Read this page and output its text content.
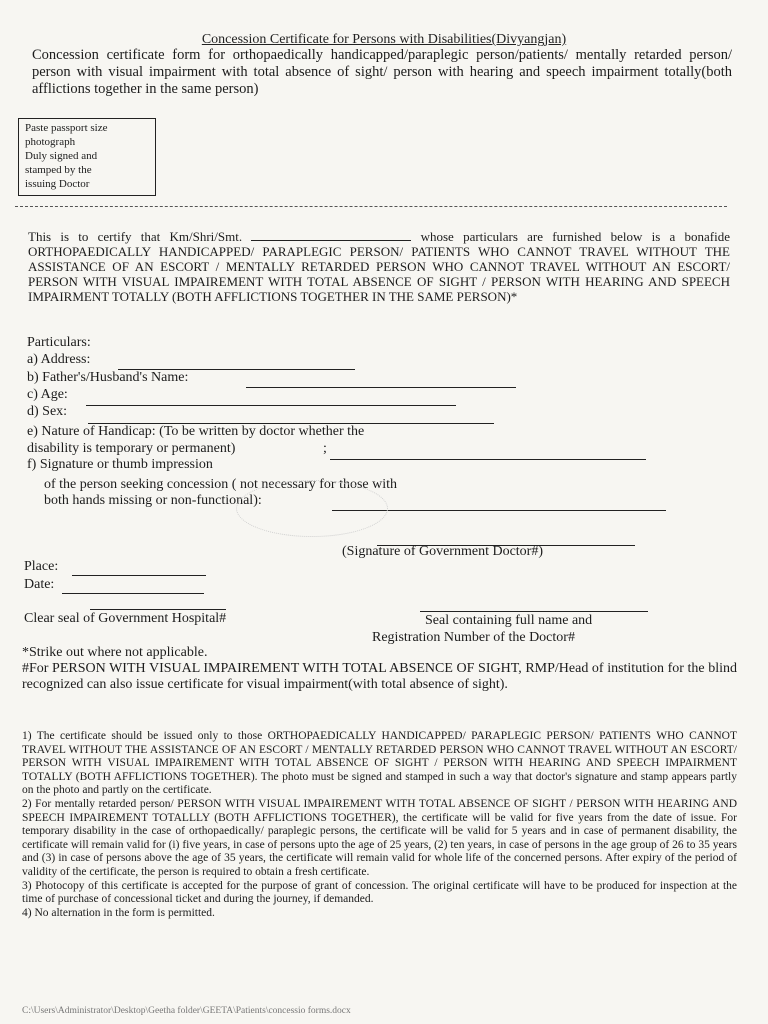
Concession Certificate for Persons with Disabilities(Divyangjan)
Concession certificate form for orthopaedically handicapped/paraplegic person/patients/ mentally retarded person/ person with visual impairment with total absence of sight/ person with hearing and speech impairment totally(both afflictions together in the same person)
Paste passport size
photograph
Duly signed and
stamped by the
issuing Doctor
This is to certify that Km/Shri/Smt.	whose particulars are furnished below is a bonafide ORTHOPAEDICALLY HANDICAPPED/ PARAPLEGIC PERSON/ PATIENTS WHO CANNOT TRAVEL WITHOUT THE ASSISTANCE OF AN ESCORT / MENTALLY RETARDED PERSON WHO CANNOT TRAVEL WITHOUT AN ESCORT/ PERSON WITH VISUAL IMPAIREMENT WITH TOTAL ABSENCE OF SIGHT / PERSON WITH HEARING AND SPEECH IMPAIRMENT TOTALLY (BOTH AFFLICTIONS TOGETHER IN THE SAME PERSON)*
Particulars:
a) Address:
b) Father's/Husband's Name:
c) Age:
d) Sex:
e) Nature of Handicap: (To be written by doctor whether the
disability is temporary or permanent)	;
f) Signature or thumb impression
of the person seeking concession ( not necessary for those with
both hands missing or non-functional):
(Signature of Government Doctor#)
Place:
Date:
Clear seal of Government Hospital#	Seal containing full name and
Registration Number of the Doctor#
*Strike out where not applicable.
#For PERSON WITH VISUAL IMPAIREMENT WITH TOTAL ABSENCE OF SIGHT, RMP/Head of institution for the blind recognized can also issue certificate for visual impairment(with total absence of sight).

1) The certificate should be issued only to those ORTHOPAEDICALLY HANDICAPPED/ PARAPLEGIC PERSON/ PATIENTS WHO CANNOT TRAVEL WITHOUT THE ASSISTANCE OF AN ESCORT / MENTALLY RETARDED PERSON WHO CANNOT TRAVEL WITHOUT AN ESCORT/ PERSON WITH VISUAL IMPAIREMENT WITH TOTAL ABSENCE OF SIGHT / PERSON WITH HEARING AND SPEECH IMPAIRMENT TOTALLY (BOTH AFFLICTIONS TOGETHER). The photo must be signed and stamped in such a way that doctor's signature and stamp appears partly on the photo and partly on the certificate.

2) For mentally retarded person/ PERSON WITH VISUAL IMPAIREMENT WITH TOTAL ABSENCE OF SIGHT / PERSON WITH HEARING AND SPEECH IMPAIREMENT TOTALLLY (BOTH AFFLICTIONS TOGETHER), the certificate will be valid for five years from the date of issue. For temporary disability in the case of orthopaedically/ paraplegic persons, the certificate will be valid for 5 years and in case of permanent disability, the certificate will remain valid for (i) five years, in case of persons upto the age of 25 years, (2) ten years, in case of persons in the age group of 26 to 35 years and (3) in case of persons above the age of 35 years, the certificate will remain valid for whole life of the concerned persons. After expiry of the period of validity of the certificate, the person is required to obtain a fresh certificate.

3) Photocopy of this certificate is accepted for the purpose of grant of concession. The original certificate will have to be produced for inspection at the time of purchase of concessional ticket and during the journey, if demanded.

4) No alternation in the form is permitted.

C:\Users\Administrator\Desktop\Geetha folder\GEETA\Patients\concessio forms.docx
